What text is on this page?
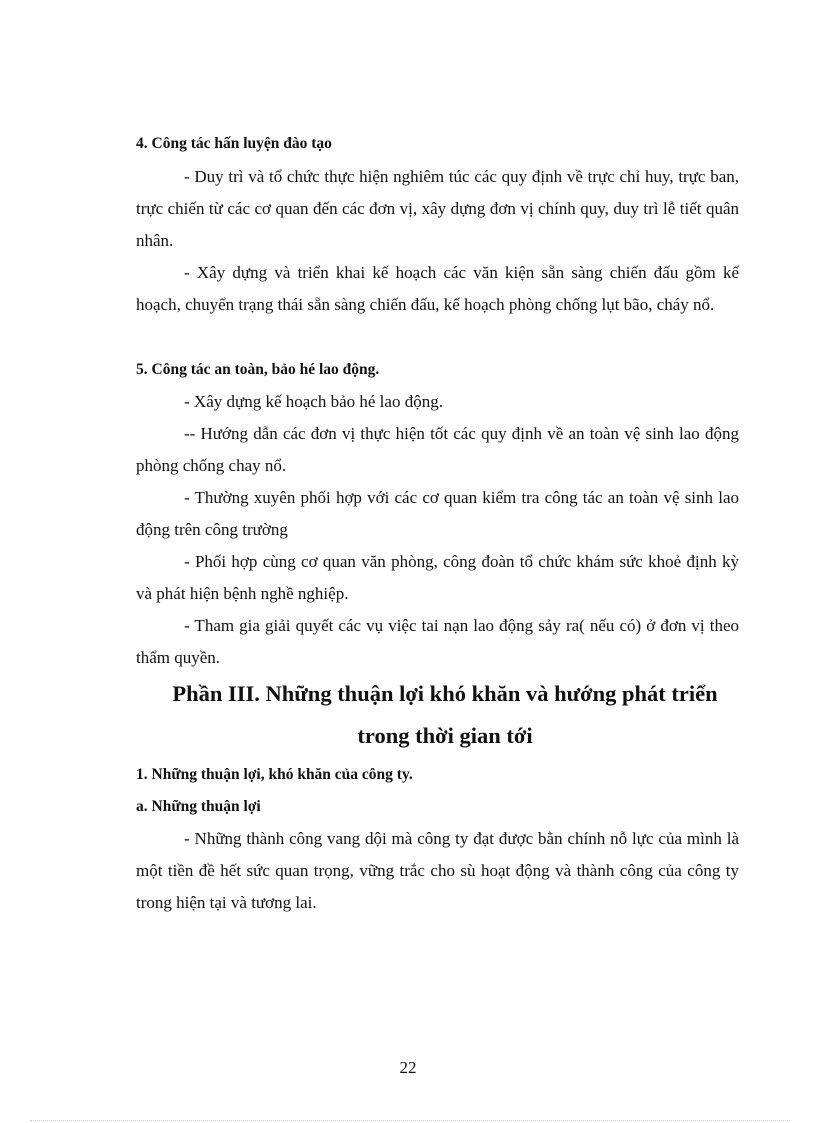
4. Công tác hấn luyện đào tạo

- Duy trì và tổ chức thực hiện nghiêm túc các quy định về trực chỉ huy, trực ban, trực chiến từ các cơ quan đến các đơn vị, xây dựng đơn vị chính quy, duy trì lễ tiết quân nhân.

- Xây dựng và triển khai kế hoạch các văn kiện sẵn sàng chiến đấu gồm kế hoạch, chuyển trạng thái sẵn sàng chiến đấu, kế hoạch phòng chống lụt bão, cháy nổ.

5. Công tác an toàn, bảo hé lao động.

- Xây dựng kế hoạch bảo hé lao động.

-- Hướng dẫn các đơn vị thực hiện tốt các quy định về an toàn vệ sinh lao động phòng chống chay nổ.

- Thường xuyên phối hợp với các cơ quan kiểm tra công tác an toàn vệ sinh lao động trên công trường

- Phối hợp cùng cơ quan văn phòng, công đoàn tổ chức khám sức khoẻ định kỳ và phát hiện bệnh nghề nghiệp.

- Tham gia giải quyết các vụ việc tai nạn lao động sảy ra( nếu có) ở đơn vị theo thẩm quyền.

Phần III. Những thuận lợi khó khăn và hướng phát triển

trong thời gian tới

1. Những thuận lợi, khó khăn của công ty.

a. Những thuận lợi

- Những thành công vang dội mà công ty đạt được bằn chính nỗ lực của mình là một tiền đề hết sức quan trọng, vững trắc cho sù hoạt động và thành công của công ty trong hiện tại và tương lai.

22
